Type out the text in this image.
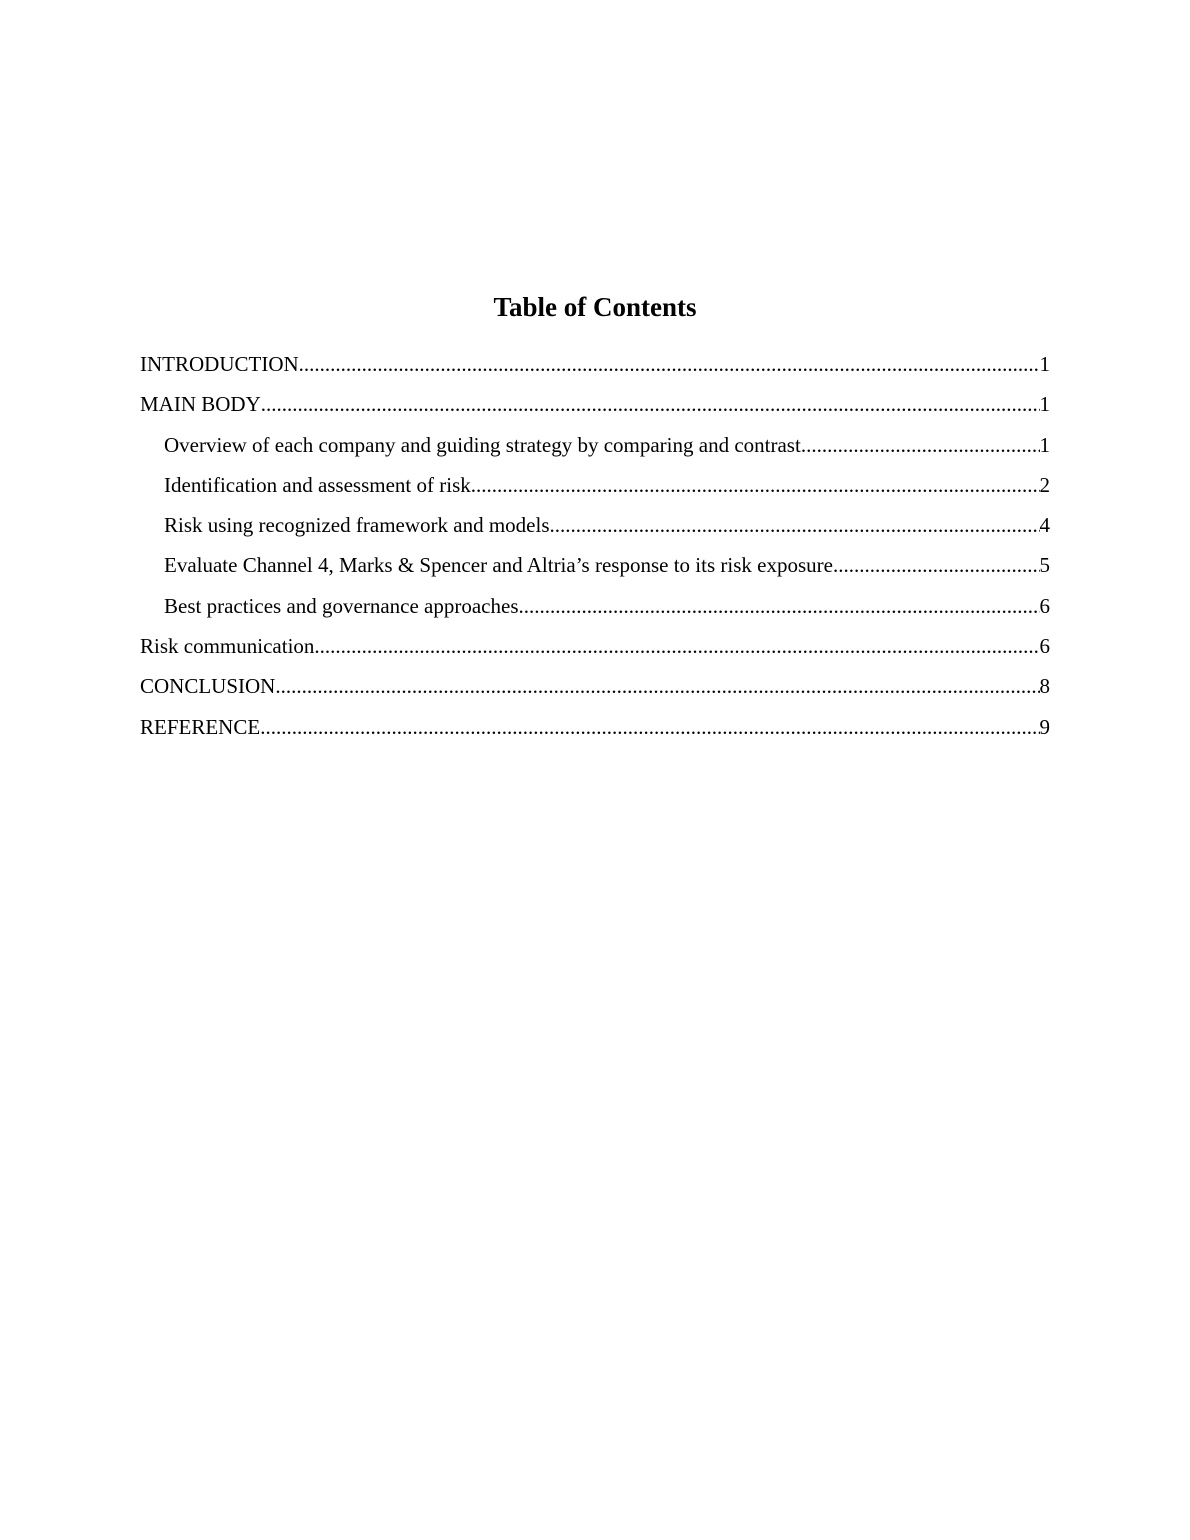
Table of Contents
INTRODUCTION .....	1
MAIN BODY .....	1
Overview of each company and guiding strategy by comparing and contrast .....	1
Identification and assessment of risk .....	2
Risk using recognized framework and models .....	4
Evaluate Channel 4, Marks & Spencer and Altria’s response to its risk exposure .....	5
Best practices and governance approaches .....	6
Risk communication .....	6
CONCLUSION .....	8
REFERENCE .....	9
